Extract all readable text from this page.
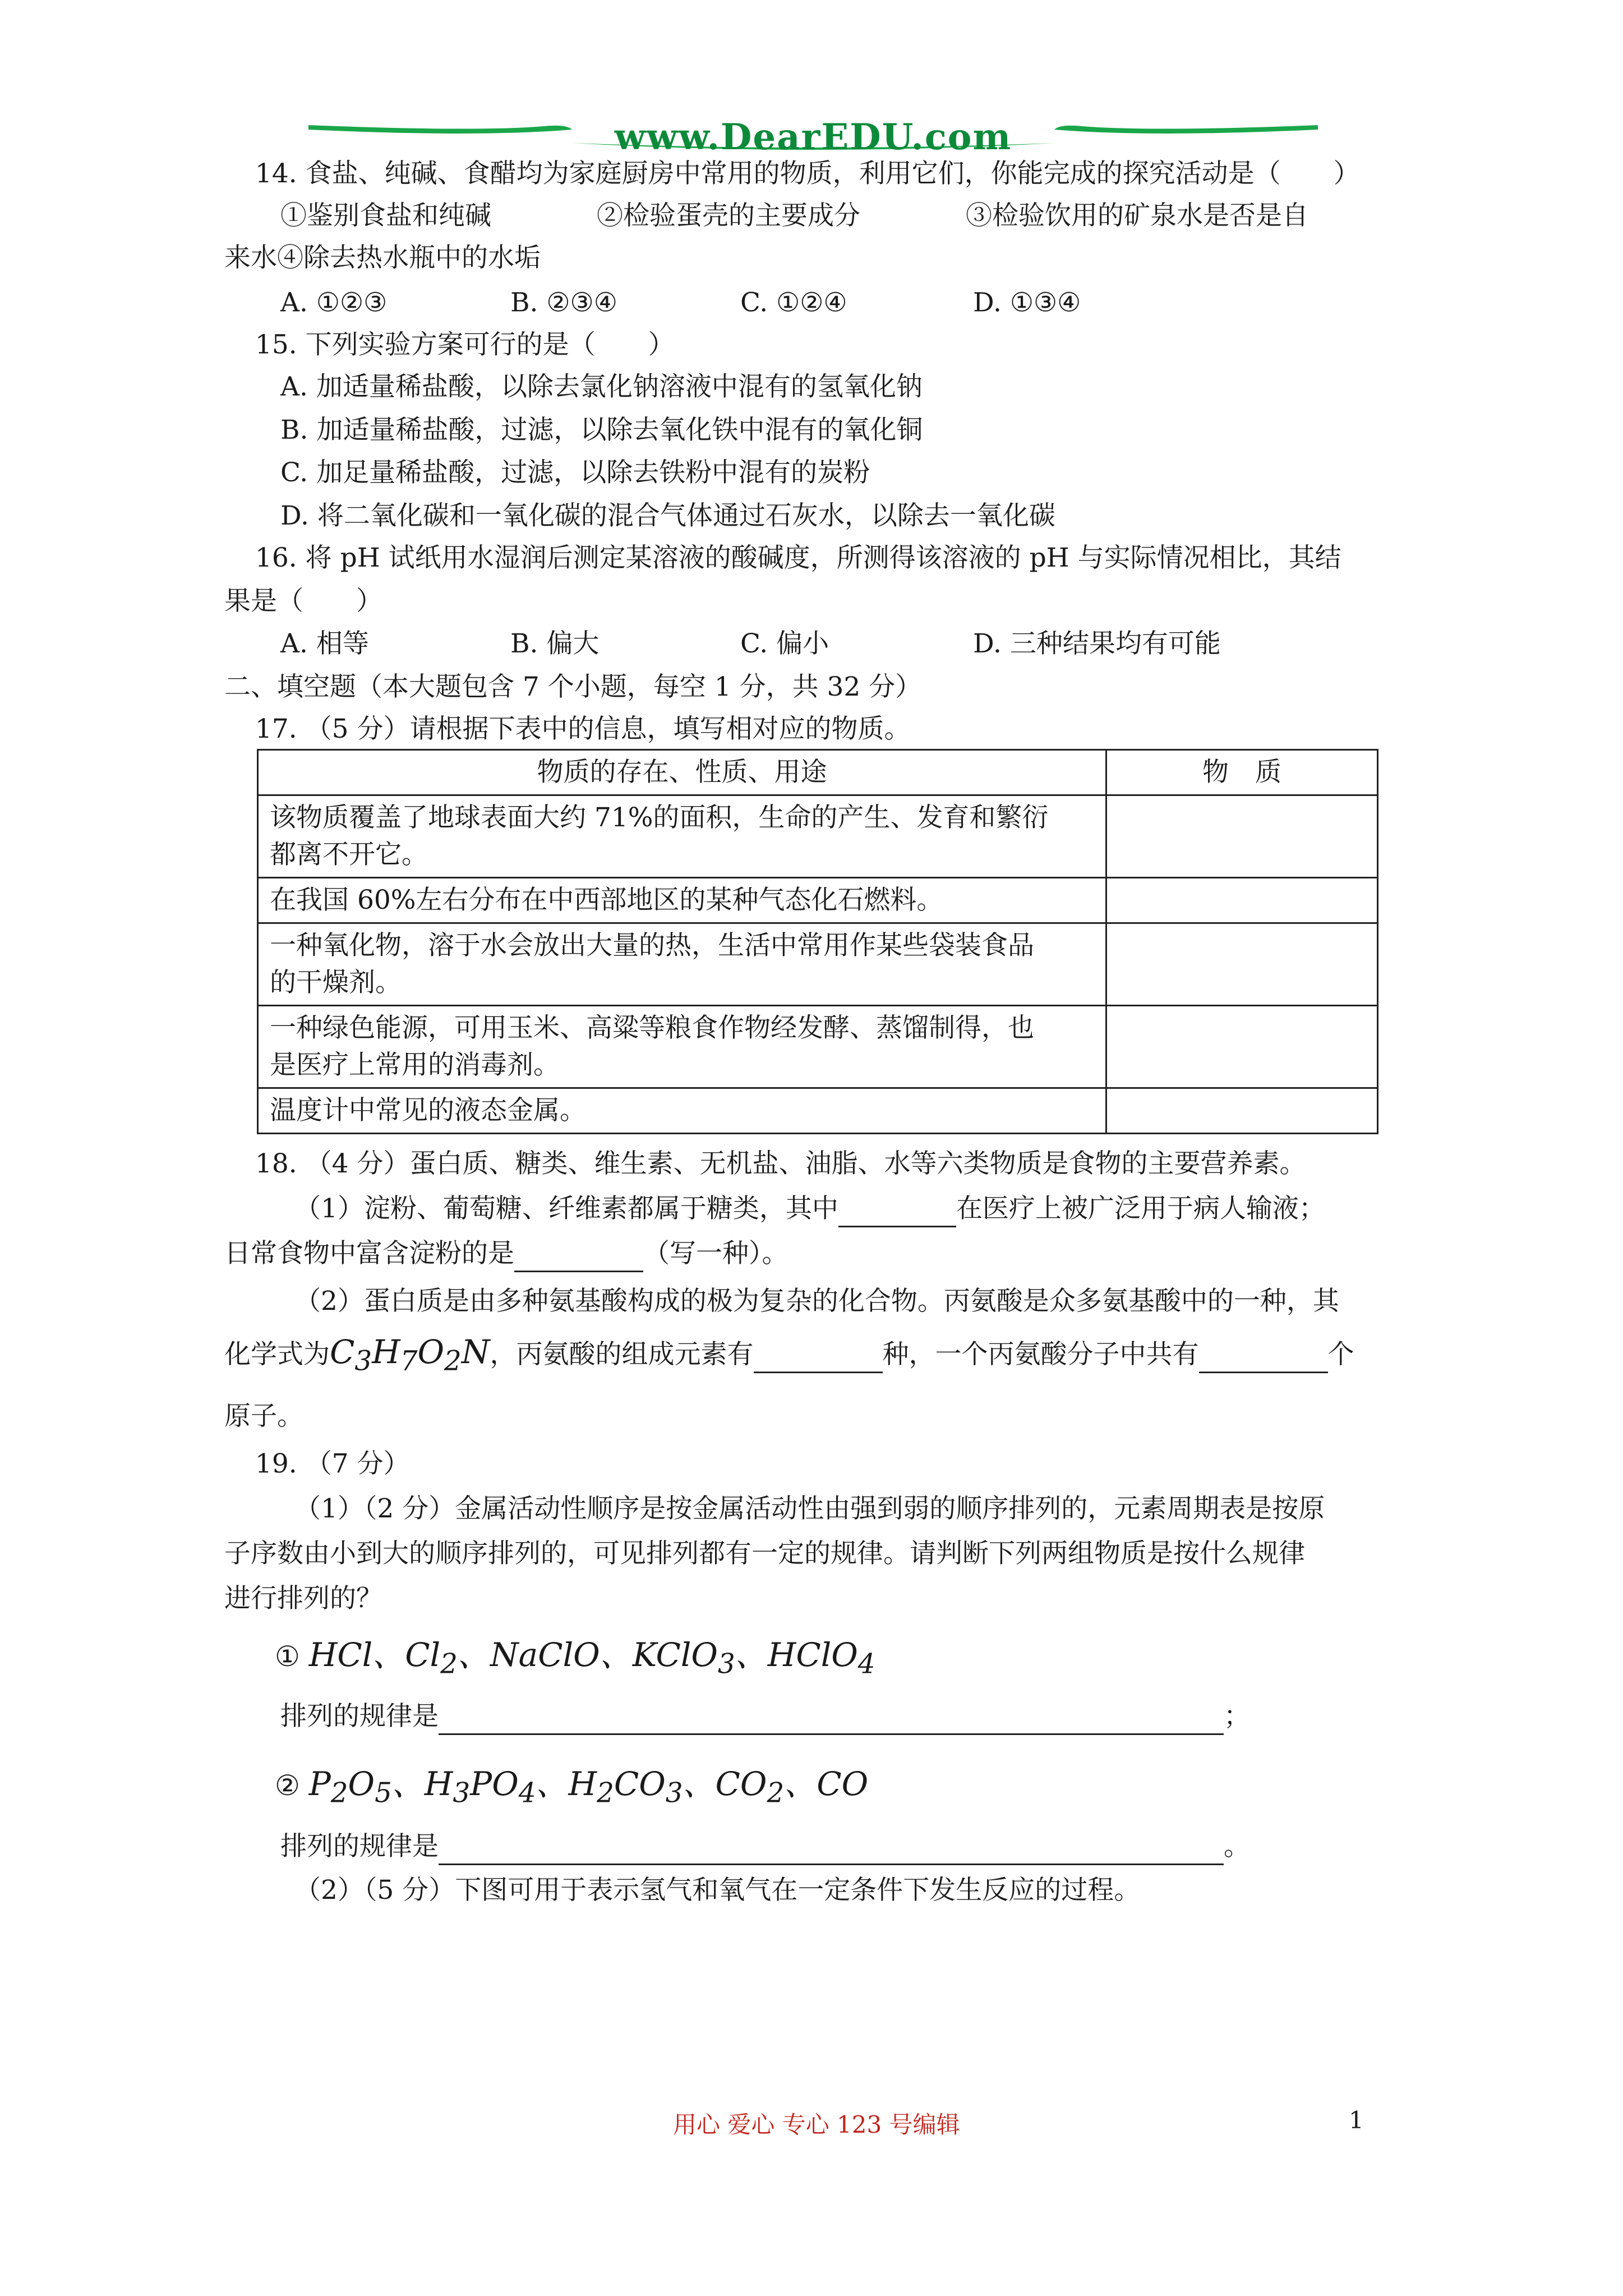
www.DearEDU.com
14. 食盐、纯碱、食醋均为家庭厨房中常用的物质，利用它们，你能完成的探究活动是（　　）
①鉴别食盐和纯碱　　　　②检验蛋壳的主要成分　　　　③检验饮用的矿泉水是否是自
来水④除去热水瓶中的水垢
A. ①②③	B. ②③④	C. ①②④	D. ①③④
15. 下列实验方案可行的是（　　）
A. 加适量稀盐酸，以除去氯化钠溶液中混有的氢氧化钠
B. 加适量稀盐酸，过滤，以除去氧化铁中混有的氧化铜
C. 加足量稀盐酸，过滤，以除去铁粉中混有的炭粉
D. 将二氧化碳和一氧化碳的混合气体通过石灰水，以除去一氧化碳
16. 将 pH 试纸用水湿润后测定某溶液的酸碱度，所测得该溶液的 pH 与实际情况相比，其结
果是（　　）
A. 相等	B. 偏大	C. 偏小	D. 三种结果均有可能
二、填空题（本大题包含 7 个小题，每空 1 分，共 32 分）
17. （5 分）请根据下表中的信息，填写相对应的物质。
物质的存在、性质、用途	物　质

该物质覆盖了地球表面大约 71%的面积，生命的产生、发育和繁衍
都离不开它。	

在我国 60%左右分布在中西部地区的某种气态化石燃料。	

一种氧化物，溶于水会放出大量的热，生活中常用作某些袋装食品
的干燥剂。	

一种绿色能源，可用玉米、高粱等粮食作物经发酵、蒸馏制得，也
是医疗上常用的消毒剂。	

温度计中常见的液态金属。	

18. （4 分）蛋白质、糖类、维生素、无机盐、油脂、水等六类物质是食物的主要营养素。
（1）淀粉、葡萄糖、纤维素都属于糖类，其中	在医疗上被广泛用于病人输液；
日常食物中富含淀粉的是	（写一种）。
（2）蛋白质是由多种氨基酸构成的极为复杂的化合物。丙氨酸是众多氨基酸中的一种，其
化学式为$C_3H_7O_2N$，丙氨酸的组成元素有	种，一个丙氨酸分子中共有	个
原子。
19. （7 分）
（1）（2 分）金属活动性顺序是按金属活动性由强到弱的顺序排列的，元素周期表是按原
子序数由小到大的顺序排列的，可见排列都有一定的规律。请判断下列两组物质是按什么规律
进行排列的？
① HCl、$Cl_2$、NaClO、KClO$_3$、HClO$_4$
排列的规律是	；
② $P_2O_5$、$H_3PO_4$、$H_2CO_3$、$CO_2$、CO
排列的规律是	。
（2）（5 分）下图可用于表示氢气和氧气在一定条件下发生反应的过程。
用心 爱心 专心 123 号编辑	1
